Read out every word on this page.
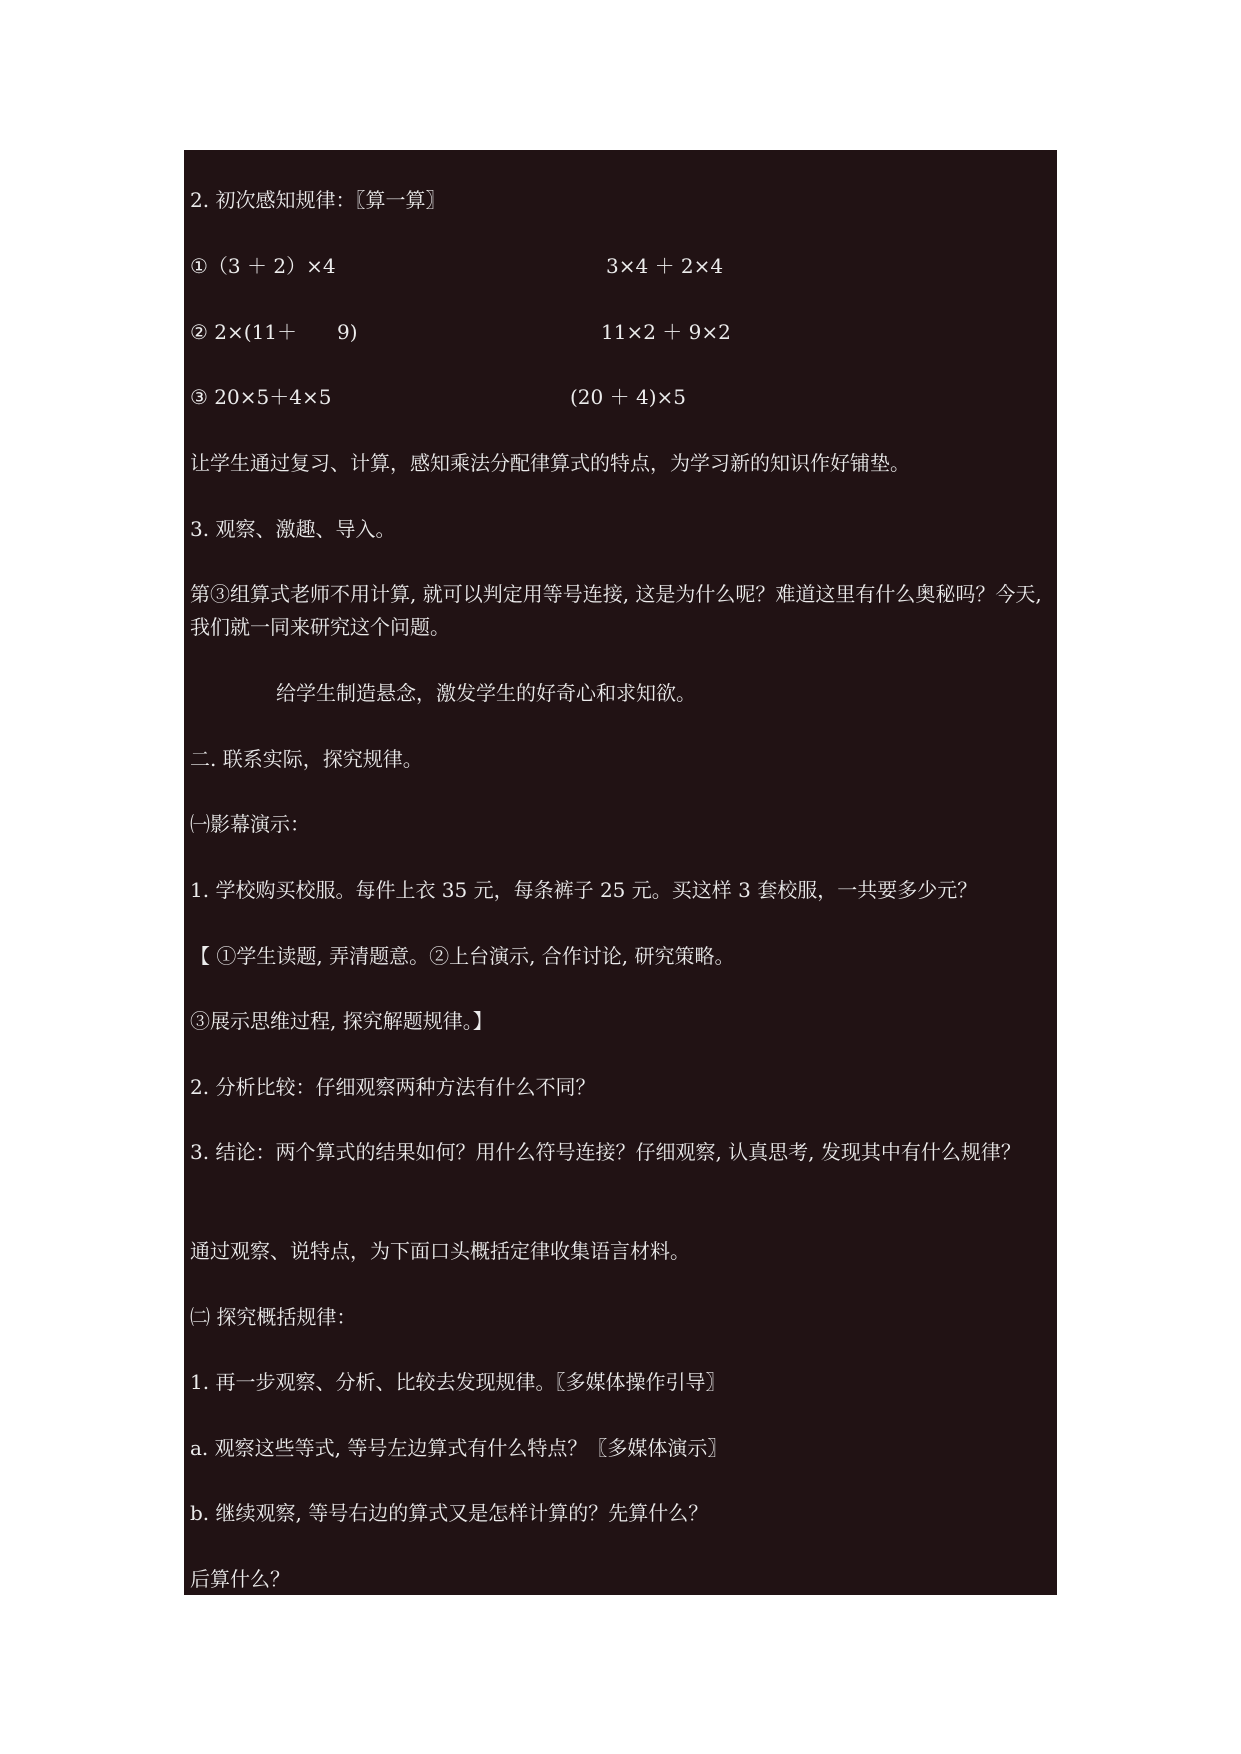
2. 初次感知规律：〖算一算〗
①（3 ＋ 2）×4	3×4 ＋ 2×4
② 2×(11＋　　9)	11×2 ＋ 9×2
③ 20×5＋4×5	(20 ＋ 4)×5
让学生通过复习、计算，感知乘法分配律算式的特点，为学习新的知识作好铺垫。
3. 观察、激趣、导入。
第③组算式老师不用计算, 就可以判定用等号连接, 这是为什么呢？难道这里有什么奥秘吗？今天, 我们就一同来研究这个问题。
给学生制造悬念，激发学生的好奇心和求知欲。
二. 联系实际，探究规律。
㈠影幕演示：
1. 学校购买校服。每件上衣 35 元，每条裤子 25 元。买这样 3 套校服，一共要多少元？
【 ①学生读题, 弄清题意。②上台演示, 合作讨论, 研究策略。
③展示思维过程, 探究解题规律。】
2. 分析比较：仔细观察两种方法有什么不同？
3. 结论：两个算式的结果如何？用什么符号连接？仔细观察, 认真思考, 发现其中有什么规律？
通过观察、说特点，为下面口头概括定律收集语言材料。
㈡ 探究概括规律：
1. 再一步观察、分析、比较去发现规律。〖多媒体操作引导〗
a. 观察这些等式, 等号左边算式有什么特点？〖多媒体演示〗
b. 继续观察, 等号右边的算式又是怎样计算的？先算什么？
后算什么？
